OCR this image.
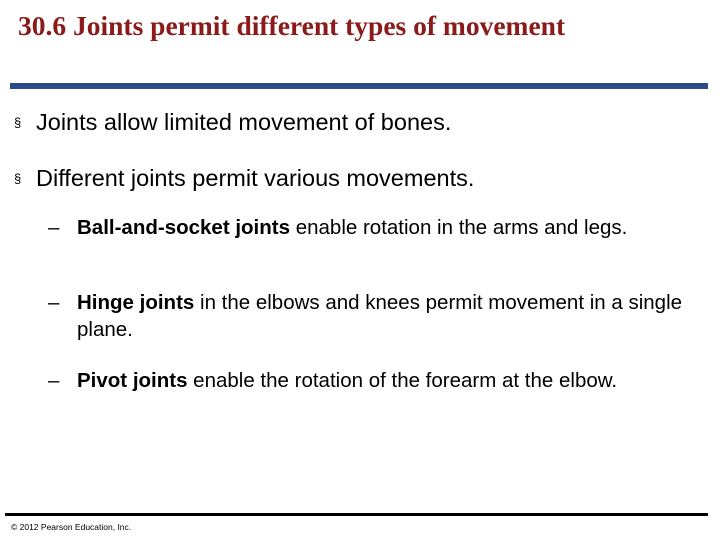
30.6 Joints permit different types of movement
§ Joints allow limited movement of bones.
§ Different joints permit various movements.
– Ball-and-socket joints enable rotation in the arms and legs.
– Hinge joints in the elbows and knees permit movement in a single plane.
– Pivot joints enable the rotation of the forearm at the elbow.
© 2012 Pearson Education, Inc.
